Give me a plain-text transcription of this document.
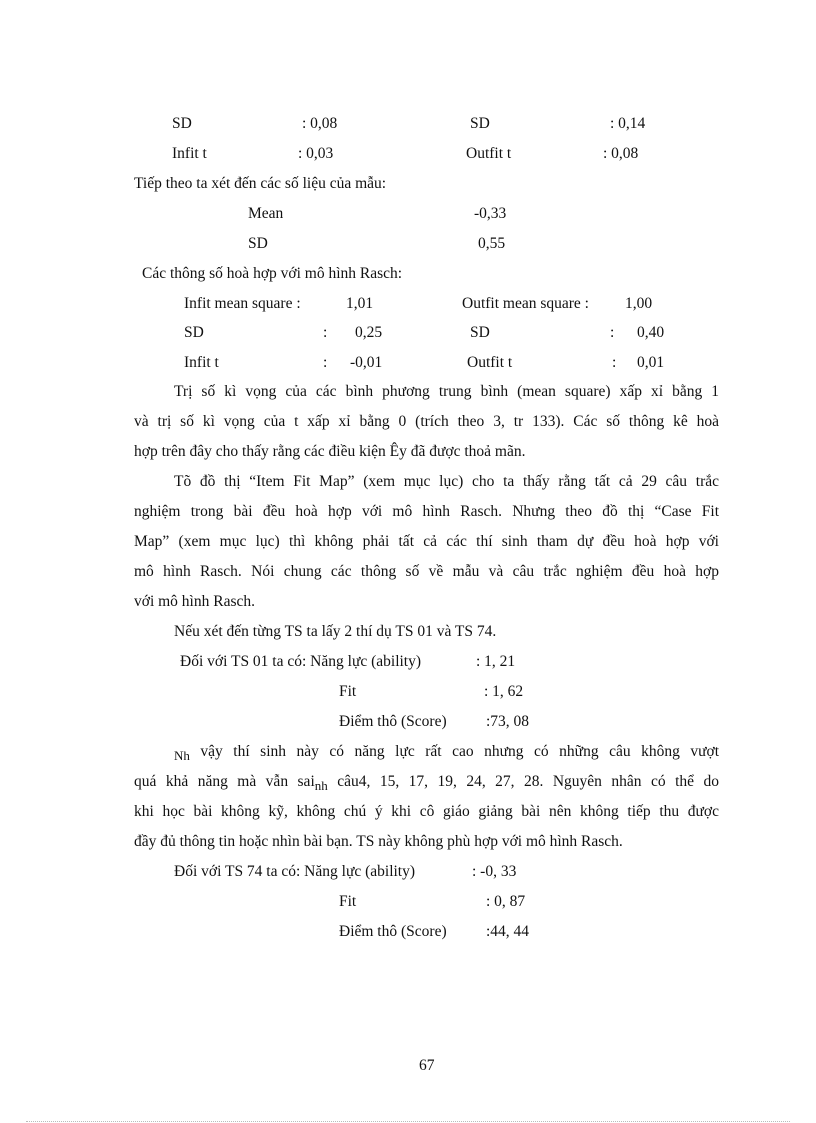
SD	: 0,08	SD	: 0,14
Infit t	: 0,03	Outfit t	: 0,08
Tiếp theo ta xét đến các số liệu của mẫu:
Mean	-0,33
SD	0,55
Các thông số hoà hợp với mô hình Rasch:
Infit mean square :	1,01	Outfit mean square : 1,00
SD	: 0,25	SD	: 0,40
Infit t	: -0,01	Outfit t	: 0,01
Trị số kì vọng của các bình phương trung bình (mean square) xấp xỉ bằng 1
và trị số kì vọng của t xấp xỉ bằng 0 (trích theo 3, tr 133). Các số thông kê hoà
hợp trên đây cho thấy rằng các điều kiện Êy đã được thoả mãn.
Tõ đồ thị “Item Fit Map” (xem mục lục) cho ta thấy rằng tất cả 29 câu trắc
nghiệm trong bài đều hoà hợp với mô hình Rasch. Nhưng theo đồ thị “Case Fit
Map” (xem mục lục) thì không phải tất cả các thí sinh tham dự đều hoà hợp với
mô hình Rasch. Nói chung các thông số về mẫu và câu trắc nghiệm đều hoà hợp
với mô hình Rasch.
Nếu xét đến từng TS ta lấy 2 thí dụ TS 01 và TS 74.
Đối với TS 01 ta có: Năng lực (ability)	: 1, 21
Fit	: 1, 62
Điểm thô (Score)	:73, 08
$_{Nh}$ vậy thí sinh này có năng lực rất cao nhưng có những câu không vượt
quá khả năng mà vẫn sai$_{nh}$ câu4, 15, 17, 19, 24, 27, 28. Nguyên nhân có thể do
khi học bài không kỹ, không chú ý khi cô giáo giảng bài nên không tiếp thu được
đầy đủ thông tin hoặc nhìn bài bạn. TS này không phù hợp với mô hình Rasch.
Đối với TS 74 ta có: Năng lực (ability)	: -0, 33
Fit	: 0, 87
Điểm thô (Score)	:44, 44
67
